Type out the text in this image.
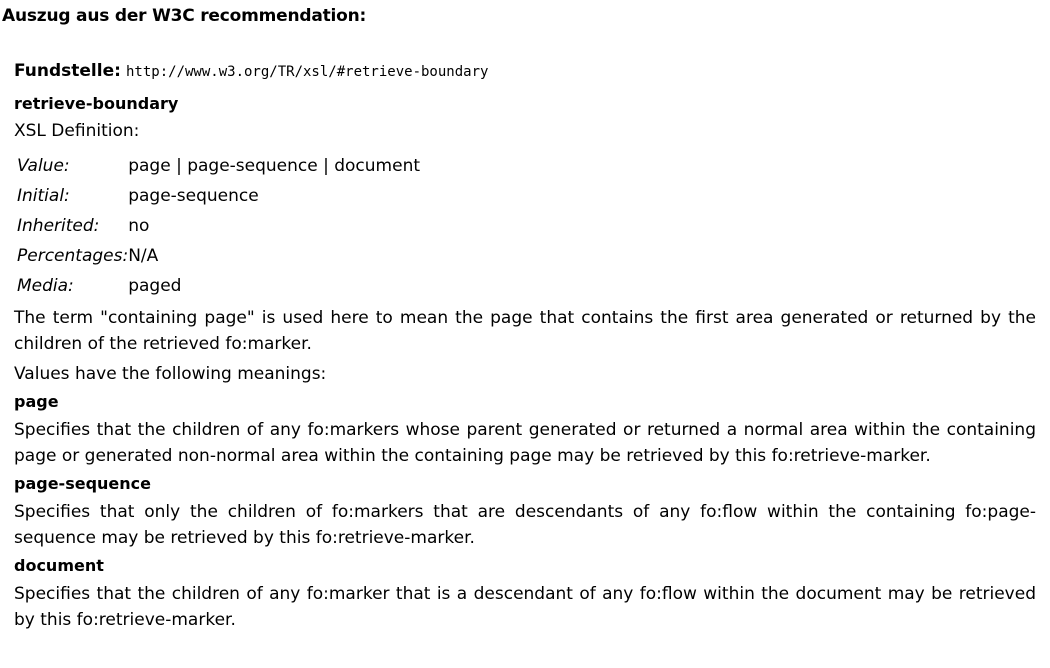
Auszug aus der W3C recommendation:
Fundstelle: http://www.w3.org/TR/xsl/#retrieve-boundary
retrieve-boundary
XSL Definition:
Value:	page | page-sequence | document
Initial:	page-sequence
Inherited:	no
Percentages:	N/A
Media:	paged

The term "containing page" is used here to mean the page that contains the first area generated or returned by the children of the retrieved fo:marker.

Values have the following meanings:

page

Specifies that the children of any fo:markers whose parent generated or returned a normal area within the containing page or generated non-normal area within the containing page may be retrieved by this fo:retrieve-marker.

page-sequence

Specifies that only the children of fo:markers that are descendants of any fo:flow within the containing fo:page-sequence may be retrieved by this fo:retrieve-marker.

document

Specifies that the children of any fo:marker that is a descendant of any fo:flow within the document may be retrieved by this fo:retrieve-marker.
